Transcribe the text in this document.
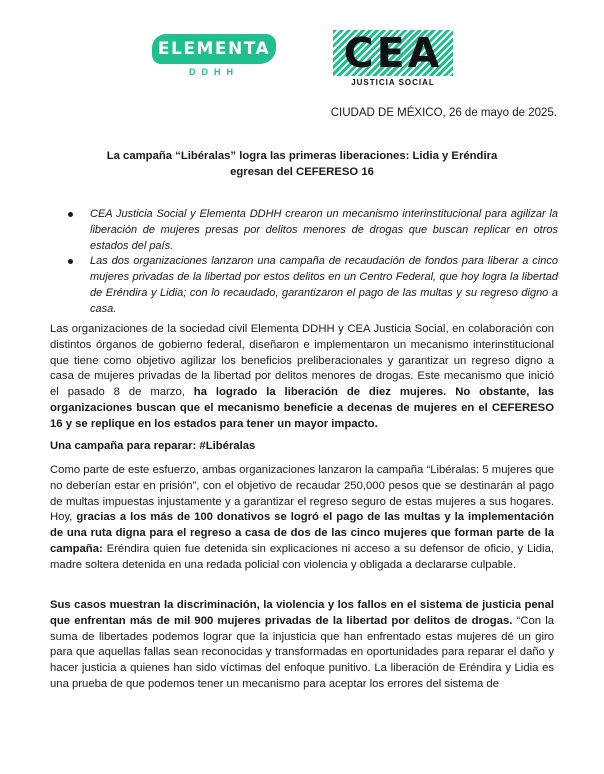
ELEMENTA
DDHH	CEA
JUSTICIA SOCIAL
CIUDAD DE MÉXICO, 26 de mayo de 2025.
La campaña “Libéralas” logra las primeras liberaciones: Lidia y Eréndira
egresan del CEFERESO 16
CEA Justicia Social y Elementa DDHH crearon un mecanismo interinstitucional para agilizar la liberación de mujeres presas por delitos menores de drogas que buscan replicar en otros estados del país.
Las dos organizaciones lanzaron una campaña de recaudación de fondos para liberar a cinco mujeres privadas de la libertad por estos delitos en un Centro Federal, que hoy logra la libertad de Eréndira y Lidia; con lo recaudado, garantizaron el pago de las multas y su regreso digno a casa.

Las organizaciones de la sociedad civil Elementa DDHH y CEA Justicia Social, en colaboración con distintos órganos de gobierno federal, diseñaron e implementaron un mecanismo interinstitucional que tiene como objetivo agilizar los beneficios preliberacionales y garantizar un regreso digno a casa de mujeres privadas de la libertad por delitos menores de drogas. Este mecanismo que inició el pasado 8 de marzo, ha logrado la liberación de diez mujeres. No obstante, las organizaciones buscan que el mecanismo beneficie a decenas de mujeres en el CEFERESO 16 y se replique en los estados para tener un mayor impacto.

Una campaña para reparar: #Libéralas

Como parte de este esfuerzo, ambas organizaciones lanzaron la campaña “Libéralas: 5 mujeres que no deberían estar en prisión”, con el objetivo de recaudar 250,000 pesos que se destinarán al pago de multas impuestas injustamente y a garantizar el regreso seguro de estas mujeres a sus hogares. Hoy, gracias a los más de 100 donativos se logró el pago de las multas y la implementación de una ruta digna para el regreso a casa de dos de las cinco mujeres que forman parte de la campaña: Eréndira quien fue detenida sin explicaciones ni acceso a su defensor de oficio, y Lidia, madre soltera detenida en una redada policial con violencia y obligada a declararse culpable.

Sus casos muestran la discriminación, la violencia y los fallos en el sistema de justicia penal que enfrentan más de mil 900 mujeres privadas de la libertad por delitos de drogas. “Con la suma de libertades podemos lograr que la injusticia que han enfrentado estas mujeres dé un giro para que aquellas fallas sean reconocidas y transformadas en oportunidades para reparar el daño y hacer justicia a quienes han sido víctimas del enfoque punitivo. La liberación de Eréndira y Lidia es una prueba de que podemos tener un mecanismo para aceptar los errores del sistema de
